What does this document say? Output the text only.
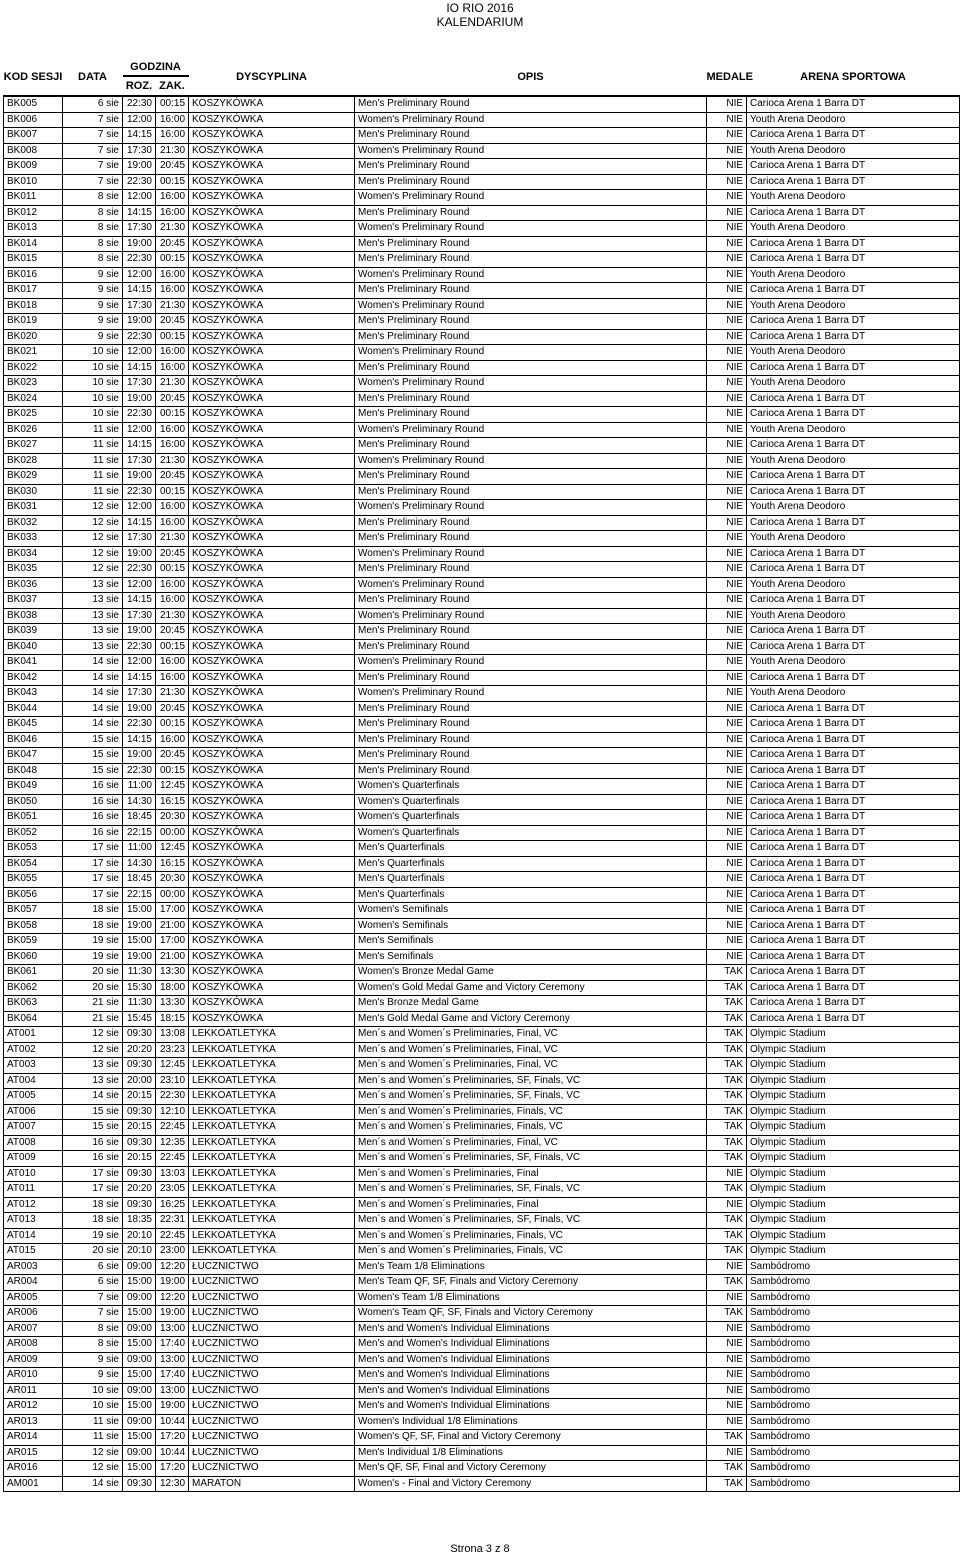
IO RIO 2016
KALENDARIUM
KOD SESJI	DATA	GODZINA		DYSCYPLINA	OPIS	MEDALE	ARENA SPORTOWA
		ROZ.	ZAK.				
BK005	6 sie	22:30	00:15	KOSZYKÓWKA	Men's Preliminary Round	NIE	Carioca Arena 1 Barra DT
BK006	7 sie	12:00	16:00	KOSZYKÓWKA	Women's Preliminary Round	NIE	Youth Arena Deodoro
BK007	7 sie	14:15	16:00	KOSZYKÓWKA	Men's Preliminary Round	NIE	Carioca Arena 1 Barra DT
BK008	7 sie	17:30	21:30	KOSZYKÓWKA	Women's Preliminary Round	NIE	Youth Arena Deodoro
BK009	7 sie	19:00	20:45	KOSZYKÓWKA	Men's Preliminary Round	NIE	Carioca Arena 1 Barra DT
BK010	7 sie	22:30	00:15	KOSZYKÓWKA	Men's Preliminary Round	NIE	Carioca Arena 1 Barra DT
BK011	8 sie	12:00	16:00	KOSZYKÓWKA	Women's Preliminary Round	NIE	Youth Arena Deodoro
BK012	8 sie	14:15	16:00	KOSZYKÓWKA	Men's Preliminary Round	NIE	Carioca Arena 1 Barra DT
BK013	8 sie	17:30	21:30	KOSZYKÓWKA	Women's Preliminary Round	NIE	Youth Arena Deodoro
BK014	8 sie	19:00	20:45	KOSZYKÓWKA	Men's Preliminary Round	NIE	Carioca Arena 1 Barra DT
BK015	8 sie	22:30	00:15	KOSZYKÓWKA	Men's Preliminary Round	NIE	Carioca Arena 1 Barra DT
BK016	9 sie	12:00	16:00	KOSZYKÓWKA	Women's Preliminary Round	NIE	Youth Arena Deodoro
BK017	9 sie	14:15	16:00	KOSZYKÓWKA	Men's Preliminary Round	NIE	Carioca Arena 1 Barra DT
BK018	9 sie	17:30	21:30	KOSZYKÓWKA	Women's Preliminary Round	NIE	Youth Arena Deodoro
BK019	9 sie	19:00	20:45	KOSZYKÓWKA	Men's Preliminary Round	NIE	Carioca Arena 1 Barra DT
BK020	9 sie	22:30	00:15	KOSZYKÓWKA	Men's Preliminary Round	NIE	Carioca Arena 1 Barra DT
BK021	10 sie	12:00	16:00	KOSZYKÓWKA	Women's Preliminary Round	NIE	Youth Arena Deodoro
BK022	10 sie	14:15	16:00	KOSZYKÓWKA	Men's Preliminary Round	NIE	Carioca Arena 1 Barra DT
BK023	10 sie	17:30	21:30	KOSZYKÓWKA	Women's Preliminary Round	NIE	Youth Arena Deodoro
BK024	10 sie	19:00	20:45	KOSZYKÓWKA	Men's Preliminary Round	NIE	Carioca Arena 1 Barra DT
BK025	10 sie	22:30	00:15	KOSZYKÓWKA	Men's Preliminary Round	NIE	Carioca Arena 1 Barra DT
BK026	11 sie	12:00	16:00	KOSZYKÓWKA	Women's Preliminary Round	NIE	Youth Arena Deodoro
BK027	11 sie	14:15	16:00	KOSZYKÓWKA	Men's Preliminary Round	NIE	Carioca Arena 1 Barra DT
BK028	11 sie	17:30	21:30	KOSZYKÓWKA	Women's Preliminary Round	NIE	Youth Arena Deodoro
BK029	11 sie	19:00	20:45	KOSZYKÓWKA	Men's Preliminary Round	NIE	Carioca Arena 1 Barra DT
BK030	11 sie	22:30	00:15	KOSZYKÓWKA	Men's Preliminary Round	NIE	Carioca Arena 1 Barra DT
BK031	12 sie	12:00	16:00	KOSZYKÓWKA	Women's Preliminary Round	NIE	Youth Arena Deodoro
BK032	12 sie	14:15	16:00	KOSZYKÓWKA	Men's Preliminary Round	NIE	Carioca Arena 1 Barra DT
BK033	12 sie	17:30	21:30	KOSZYKÓWKA	Men's Preliminary Round	NIE	Youth Arena Deodoro
BK034	12 sie	19:00	20:45	KOSZYKÓWKA	Women's Preliminary Round	NIE	Carioca Arena 1 Barra DT
BK035	12 sie	22:30	00:15	KOSZYKÓWKA	Men's Preliminary Round	NIE	Carioca Arena 1 Barra DT
BK036	13 sie	12:00	16:00	KOSZYKÓWKA	Women's Preliminary Round	NIE	Youth Arena Deodoro
BK037	13 sie	14:15	16:00	KOSZYKÓWKA	Men's Preliminary Round	NIE	Carioca Arena 1 Barra DT
BK038	13 sie	17:30	21:30	KOSZYKÓWKA	Women's Preliminary Round	NIE	Youth Arena Deodoro
BK039	13 sie	19:00	20:45	KOSZYKÓWKA	Men's Preliminary Round	NIE	Carioca Arena 1 Barra DT
BK040	13 sie	22:30	00:15	KOSZYKÓWKA	Men's Preliminary Round	NIE	Carioca Arena 1 Barra DT
BK041	14 sie	12:00	16:00	KOSZYKÓWKA	Women's Preliminary Round	NIE	Youth Arena Deodoro
BK042	14 sie	14:15	16:00	KOSZYKÓWKA	Men's Preliminary Round	NIE	Carioca Arena 1 Barra DT
BK043	14 sie	17:30	21:30	KOSZYKÓWKA	Women's Preliminary Round	NIE	Youth Arena Deodoro
BK044	14 sie	19:00	20:45	KOSZYKÓWKA	Men's Preliminary Round	NIE	Carioca Arena 1 Barra DT
BK045	14 sie	22:30	00:15	KOSZYKÓWKA	Men's Preliminary Round	NIE	Carioca Arena 1 Barra DT
BK046	15 sie	14:15	16:00	KOSZYKÓWKA	Men's Preliminary Round	NIE	Carioca Arena 1 Barra DT
BK047	15 sie	19:00	20:45	KOSZYKÓWKA	Men's Preliminary Round	NIE	Carioca Arena 1 Barra DT
BK048	15 sie	22:30	00:15	KOSZYKÓWKA	Men's Preliminary Round	NIE	Carioca Arena 1 Barra DT
BK049	16 sie	11:00	12:45	KOSZYKÓWKA	Women's Quarterfinals	NIE	Carioca Arena 1 Barra DT
BK050	16 sie	14:30	16:15	KOSZYKÓWKA	Women's Quarterfinals	NIE	Carioca Arena 1 Barra DT
BK051	16 sie	18:45	20:30	KOSZYKÓWKA	Women's Quarterfinals	NIE	Carioca Arena 1 Barra DT
BK052	16 sie	22:15	00:00	KOSZYKÓWKA	Women's Quarterfinals	NIE	Carioca Arena 1 Barra DT
BK053	17 sie	11:00	12:45	KOSZYKÓWKA	Men's Quarterfinals	NIE	Carioca Arena 1 Barra DT
BK054	17 sie	14:30	16:15	KOSZYKÓWKA	Men's Quarterfinals	NIE	Carioca Arena 1 Barra DT
BK055	17 sie	18:45	20:30	KOSZYKÓWKA	Men's Quarterfinals	NIE	Carioca Arena 1 Barra DT
BK056	17 sie	22:15	00:00	KOSZYKÓWKA	Men's Quarterfinals	NIE	Carioca Arena 1 Barra DT
BK057	18 sie	15:00	17:00	KOSZYKÓWKA	Women's Semifinals	NIE	Carioca Arena 1 Barra DT
BK058	18 sie	19:00	21:00	KOSZYKÓWKA	Women's Semifinals	NIE	Carioca Arena 1 Barra DT
BK059	19 sie	15:00	17:00	KOSZYKÓWKA	Men's Semifinals	NIE	Carioca Arena 1 Barra DT
BK060	19 sie	19:00	21:00	KOSZYKÓWKA	Men's Semifinals	NIE	Carioca Arena 1 Barra DT
BK061	20 sie	11:30	13:30	KOSZYKÓWKA	Women's Bronze Medal Game	TAK	Carioca Arena 1 Barra DT
BK062	20 sie	15:30	18:00	KOSZYKÓWKA	Women's Gold Medal Game and Victory Ceremony	TAK	Carioca Arena 1 Barra DT
BK063	21 sie	11:30	13:30	KOSZYKÓWKA	Men's Bronze Medal Game	TAK	Carioca Arena 1 Barra DT
BK064	21 sie	15:45	18:15	KOSZYKÓWKA	Men's Gold Medal Game and Victory Ceremony	TAK	Carioca Arena 1 Barra DT
AT001	12 sie	09:30	13:08	LEKKOATLETYKA	Men´s and Women´s Preliminaries, Final, VC	TAK	Olympic Stadium
AT002	12 sie	20:20	23:23	LEKKOATLETYKA	Men´s and Women´s Preliminaries, Final, VC	TAK	Olympic Stadium
AT003	13 sie	09:30	12:45	LEKKOATLETYKA	Men´s and Women´s Preliminaries, Final, VC	TAK	Olympic Stadium
AT004	13 sie	20:00	23:10	LEKKOATLETYKA	Men´s and Women´s Preliminaries, SF, Finals, VC	TAK	Olympic Stadium
AT005	14 sie	20:15	22:30	LEKKOATLETYKA	Men´s and Women´s Preliminaries, SF, Finals, VC	TAK	Olympic Stadium
AT006	15 sie	09:30	12:10	LEKKOATLETYKA	Men´s and Women´s Preliminaries, Finals, VC	TAK	Olympic Stadium
AT007	15 sie	20:15	22:45	LEKKOATLETYKA	Men´s and Women´s Preliminaries, Finals, VC	TAK	Olympic Stadium
AT008	16 sie	09:30	12:35	LEKKOATLETYKA	Men´s and Women´s Preliminaries, Final, VC	TAK	Olympic Stadium
AT009	16 sie	20:15	22:45	LEKKOATLETYKA	Men´s and Women´s Preliminaries, SF, Finals, VC	TAK	Olympic Stadium
AT010	17 sie	09:30	13:03	LEKKOATLETYKA	Men´s and Women´s Preliminaries, Final	NIE	Olympic Stadium
AT011	17 sie	20:20	23:05	LEKKOATLETYKA	Men´s and Women´s Preliminaries, SF, Finals, VC	TAK	Olympic Stadium
AT012	18 sie	09:30	16:25	LEKKOATLETYKA	Men´s and Women´s Preliminaries, Final	NIE	Olympic Stadium
AT013	18 sie	18:35	22:31	LEKKOATLETYKA	Men´s and Women´s Preliminaries, SF, Finals, VC	TAK	Olympic Stadium
AT014	19 sie	20:10	22:45	LEKKOATLETYKA	Men´s and Women´s Preliminaries, Finals, VC	TAK	Olympic Stadium
AT015	20 sie	20:10	23:00	LEKKOATLETYKA	Men´s and Women´s Preliminaries, Finals, VC	TAK	Olympic Stadium
AR003	6 sie	09:00	12:20	ŁUCZNICTWO	Men's Team 1/8 Eliminations	NIE	Sambódromo
AR004	6 sie	15:00	19:00	ŁUCZNICTWO	Men's Team QF, SF, Finals and Victory Ceremony	TAK	Sambódromo
AR005	7 sie	09:00	12:20	ŁUCZNICTWO	Women's Team 1/8 Eliminations	NIE	Sambódromo
AR006	7 sie	15:00	19:00	ŁUCZNICTWO	Women's Team QF, SF, Finals and Victory Ceremony	TAK	Sambódromo
AR007	8 sie	09:00	13:00	ŁUCZNICTWO	Men's and Women's Individual Eliminations	NIE	Sambódromo
AR008	8 sie	15:00	17:40	ŁUCZNICTWO	Men's and Women's Individual Eliminations	NIE	Sambódromo
AR009	9 sie	09:00	13:00	ŁUCZNICTWO	Men's and Women's Individual Eliminations	NIE	Sambódromo
AR010	9 sie	15:00	17:40	ŁUCZNICTWO	Men's and Women's Individual Eliminations	NIE	Sambódromo
AR011	10 sie	09:00	13:00	ŁUCZNICTWO	Men's and Women's Individual Eliminations	NIE	Sambódromo
AR012	10 sie	15:00	19:00	ŁUCZNICTWO	Men's and Women's Individual Eliminations	NIE	Sambódromo
AR013	11 sie	09:00	10:44	ŁUCZNICTWO	Women's Individual 1/8 Eliminations	NIE	Sambódromo
AR014	11 sie	15:00	17:20	ŁUCZNICTWO	Women's QF, SF, Final and Victory Ceremony	TAK	Sambódromo
AR015	12 sie	09:00	10:44	ŁUCZNICTWO	Men's Individual 1/8 Eliminations	NIE	Sambódromo
AR016	12 sie	15:00	17:20	ŁUCZNICTWO	Men's QF, SF, Final and Victory Ceremony	TAK	Sambódromo
AM001	14 sie	09:30	12:30	MARATON	Women's - Final and Victory Ceremony	TAK	Sambódromo
Strona 3 z 8
